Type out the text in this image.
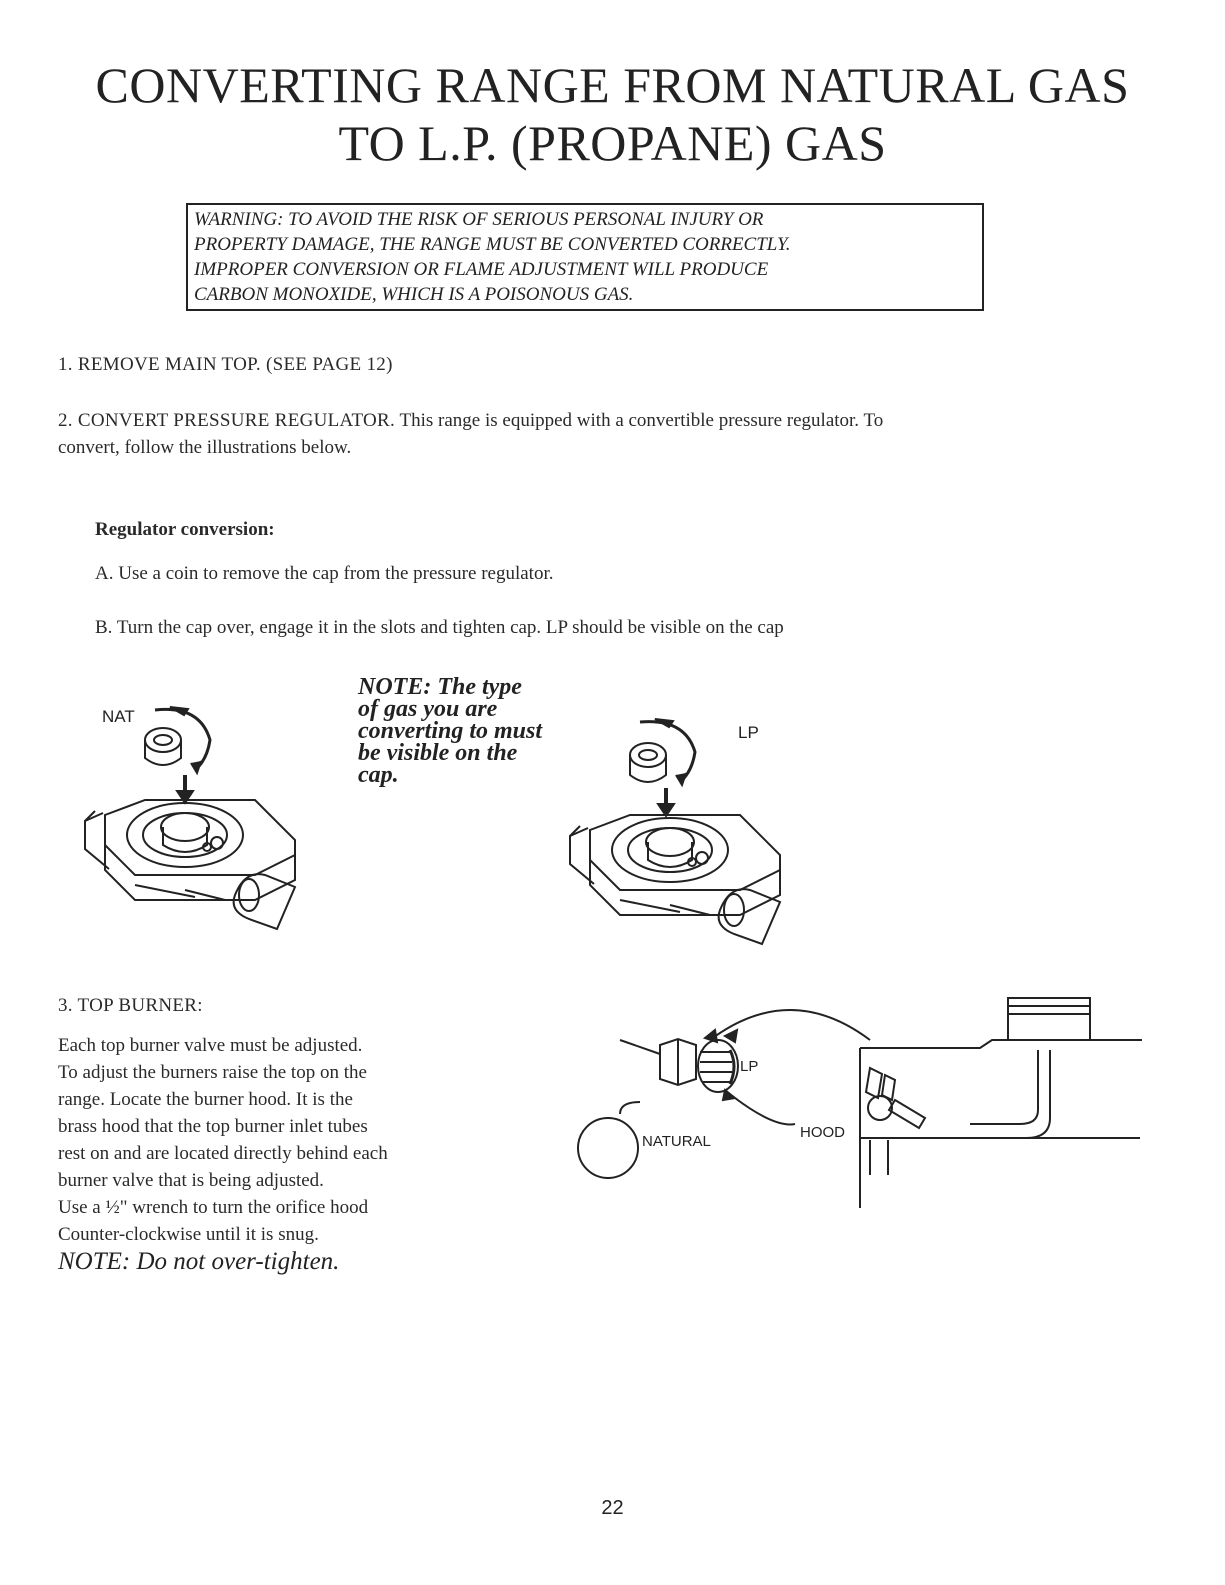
CONVERTING RANGE FROM NATURAL GAS
TO L.P. (PROPANE) GAS
WARNING: TO AVOID THE RISK OF SERIOUS PERSONAL INJURY OR
PROPERTY DAMAGE, THE RANGE MUST BE CONVERTED CORRECTLY.
IMPROPER CONVERSION OR FLAME ADJUSTMENT WILL PRODUCE
CARBON MONOXIDE, WHICH IS A POISONOUS GAS.
1. REMOVE MAIN TOP. (SEE PAGE 12)
2. CONVERT PRESSURE REGULATOR. This range is equipped with a convertible pressure regulator. To
convert, follow the illustrations below.
Regulator conversion:
A. Use a coin to remove the cap from the pressure regulator.
B. Turn the cap over, engage it in the slots and tighten cap. LP should be visible on the cap
NAT
LP
NOTE: The type
of gas you are
converting to must
be visible on the
cap.
3. TOP BURNER:
Each top burner valve must be adjusted.
To adjust the burners raise the top on the
range. Locate the burner hood. It is the
brass hood that the top burner inlet tubes
rest on and are located directly behind each
burner valve that is being adjusted.
Use a ½" wrench to turn the orifice hood
Counter-clockwise until it is snug.
NOTE: Do not over-tighten.
LP
NATURAL
HOOD
22
